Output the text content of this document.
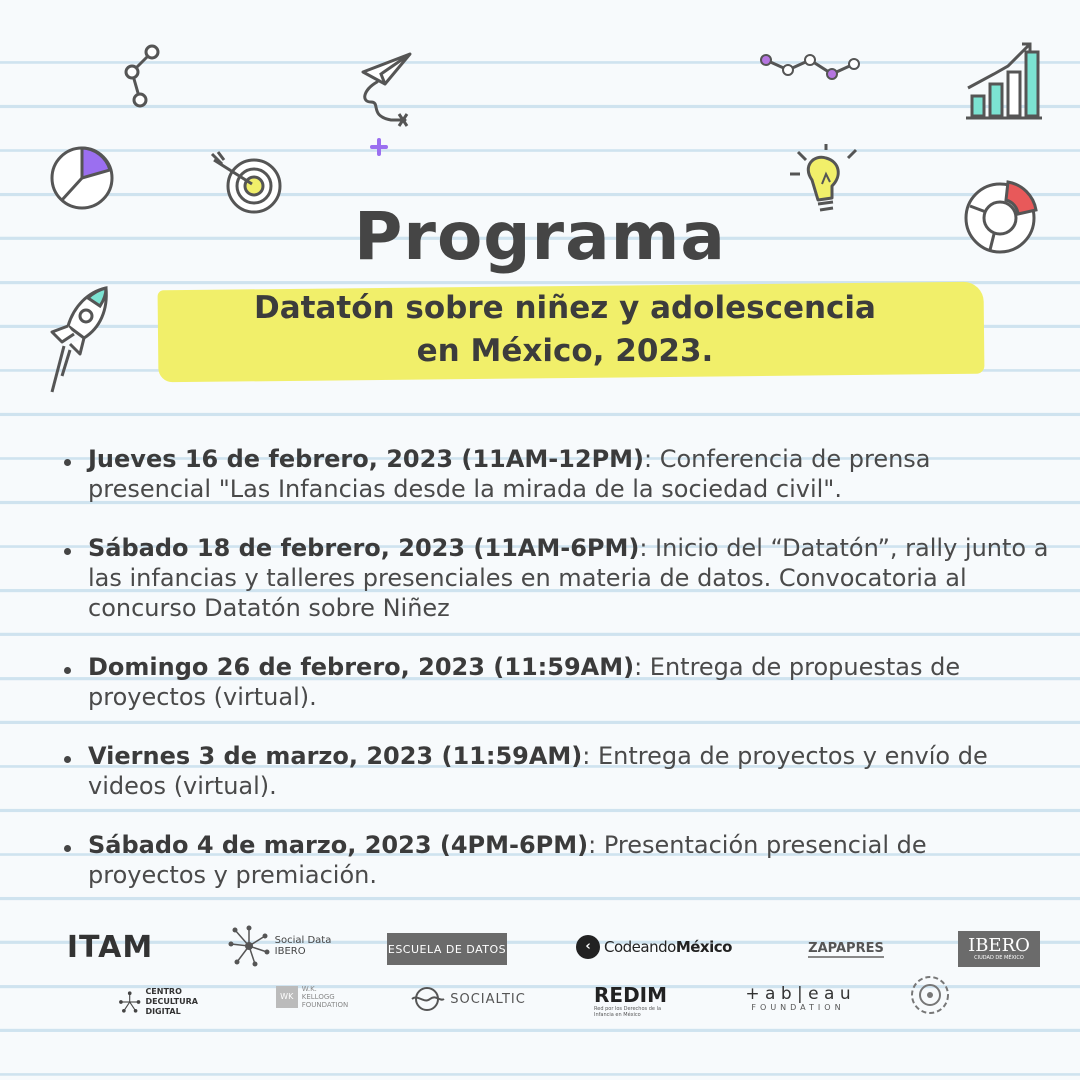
Programa
Datatón sobre niñez y adolescencia
en México, 2023.
Jueves 16 de febrero, 2023 (11AM-12PM): Conferencia de prensa presencial "Las Infancias desde la mirada de la sociedad civil".
Sábado 18 de febrero, 2023 (11AM-6PM): Inicio del “Datatón”, rally junto a las infancias y talleres presenciales en materia de datos. Convocatoria al concurso Datatón sobre Niñez
Domingo 26 de febrero, 2023 (11:59AM): Entrega de propuestas de proyectos (virtual).
Viernes 3 de marzo, 2023 (11:59AM): Entrega de proyectos y envío de videos (virtual).
Sábado 4 de marzo, 2023 (4PM-6PM): Presentación presencial de proyectos y premiación.
ITAM	Social Data
IBERO	ESCUELA DE DATOS	‹ Codeando México	ZAPAPRES	IBERO
CIUDAD DE MÉXICO
CENTRO
DECULTURA
DIGITAL
WK
W.K.
KELLOGG
FOUNDATION	SOCIALTIC	REDIM
Red por los Derechos de la Infancia en México
+ a b | e a u
FOUNDATION
